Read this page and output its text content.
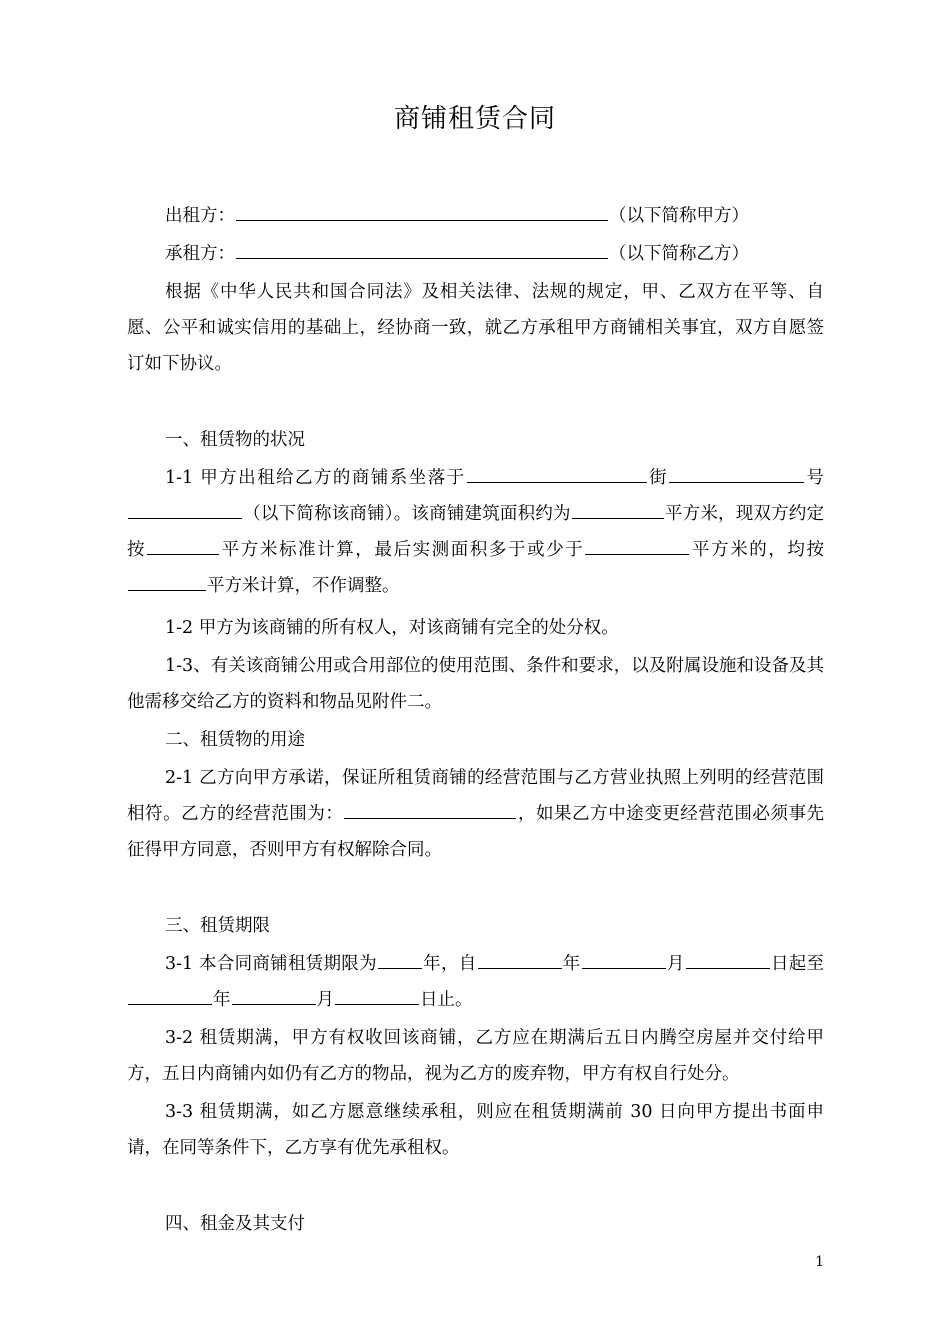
商铺租赁合同
出租方：	（以下简称甲方）
承租方：	（以下简称乙方）
根据《中华人民共和国合同法》及相关法律、法规的规定，甲、乙双方在平等、自愿、公平和诚实信用的基础上，经协商一致，就乙方承租甲方商铺相关事宜，双方自愿签订如下协议。
一、租赁物的状况
1-1 甲方出租给乙方的商铺系坐落于	街	号（以下简称该商铺）。该商铺建筑面积约为	平方米，现双方约定按	平方米标准计算，最后实测面积多于或少于	平方米的，均按平方米计算，不作调整。
1-2 甲方为该商铺的所有权人，对该商铺有完全的处分权。
1-3、有关该商铺公用或合用部位的使用范围、条件和要求，以及附属设施和设备及其他需移交给乙方的资料和物品见附件二。
二、租赁物的用途
2-1 乙方向甲方承诺，保证所租赁商铺的经营范围与乙方营业执照上列明的经营范围相符。乙方的经营范围为：	，如果乙方中途变更经营范围必须事先征得甲方同意，否则甲方有权解除合同。
三、租赁期限
3-1 本合同商铺租赁期限为	年，自	年	月	日起至年	月	日止。
3-2 租赁期满，甲方有权收回该商铺，乙方应在期满后五日内腾空房屋并交付给甲方，五日内商铺内如仍有乙方的物品，视为乙方的废弃物，甲方有权自行处分。
3-3 租赁期满，如乙方愿意继续承租，则应在租赁期满前 30 日向甲方提出书面申请，在同等条件下，乙方享有优先承租权。
四、租金及其支付
1
